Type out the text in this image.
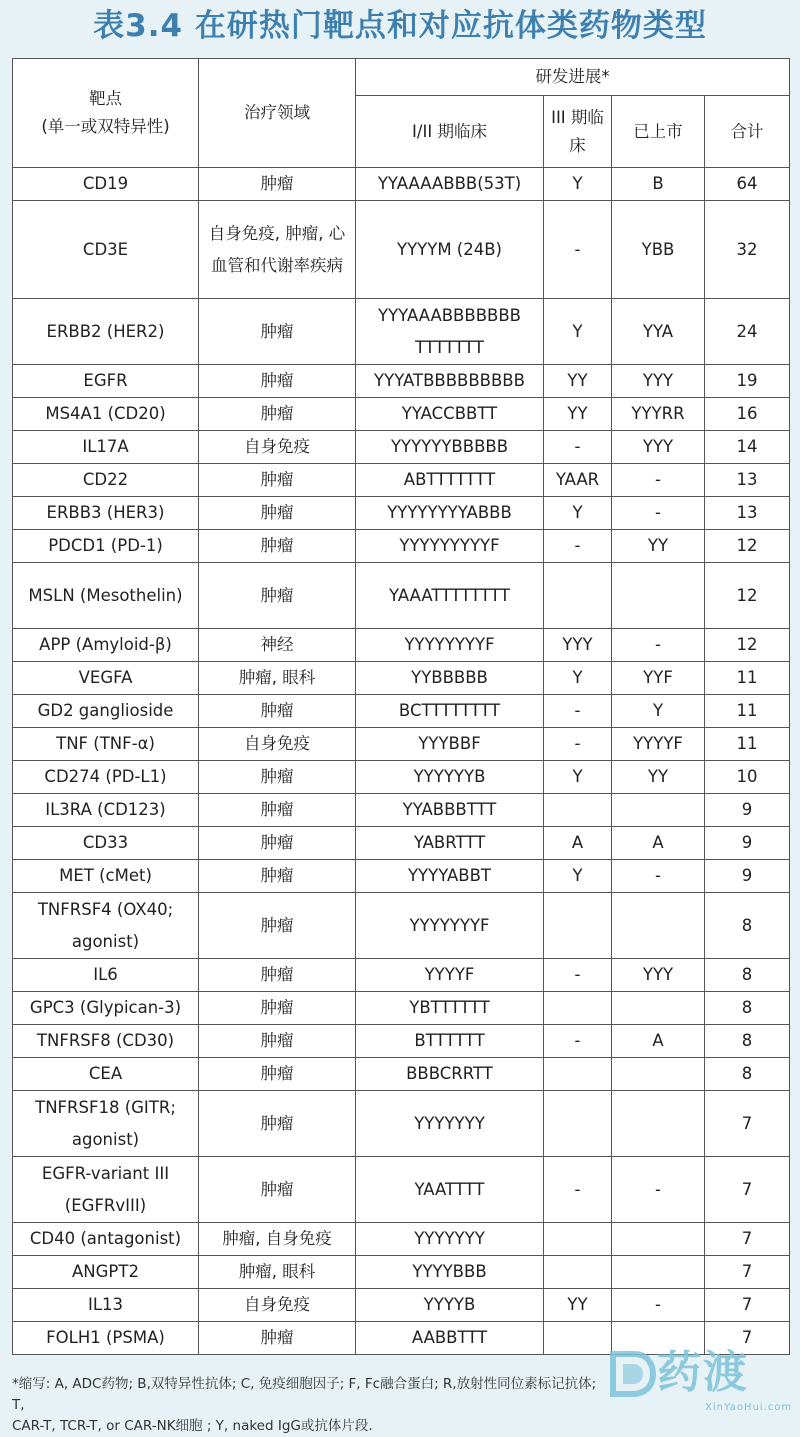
表3.4 在研热门靶点和对应抗体类药物类型
靶点
(单一或双特异性)	治疗领域	研发进展*			
		I/II 期临床	III 期临床	已上市	合计
CD19	肿瘤	YYAAAABBB(53T)	Y	B	64
CD3E	自身免疫, 肿瘤, 心血管和代谢率疾病	YYYYM (24B)	-	YBB	32
ERBB2 (HER2)	肿瘤	YYYAAABBBBBBB TTTTTTT	Y	YYA	24
EGFR	肿瘤	YYYATBBBBBBBBB	YY	YYY	19
MS4A1 (CD20)	肿瘤	YYACCBBTT	YY	YYYRR	16
IL17A	自身免疫	YYYYYYBBBBB	-	YYY	14
CD22	肿瘤	ABTTTTTTT	YAAR	-	13
ERBB3 (HER3)	肿瘤	YYYYYYYYABBB	Y	-	13
PDCD1 (PD-1)	肿瘤	YYYYYYYYYF	-	YY	12
MSLN (Mesothelin)	肿瘤	YAAATTTTTTTT			12
APP (Amyloid-β)	神经	YYYYYYYYF	YYY	-	12
VEGFA	肿瘤, 眼科	YYBBBBB	Y	YYF	11
GD2 ganglioside	肿瘤	BCTTTTTTTT	-	Y	11
TNF (TNF-α)	自身免疫	YYYBBF	-	YYYYF	11
CD274 (PD-L1)	肿瘤	YYYYYYB	Y	YY	10
IL3RA (CD123)	肿瘤	YYABBBTTT			9
CD33	肿瘤	YABRTTT	A	A	9
MET (cMet)	肿瘤	YYYYABBT	Y	-	9
TNFRSF4 (OX40; agonist)	肿瘤	YYYYYYYF			8
IL6	肿瘤	YYYYF	-	YYY	8
GPC3 (Glypican-3)	肿瘤	YBTTTTTT			8
TNFRSF8 (CD30)	肿瘤	BTTTTTT	-	A	8
CEA	肿瘤	BBBCRRTT			8
TNFRSF18 (GITR; agonist)	肿瘤	YYYYYYY			7
EGFR-variant III (EGFRvIII)	肿瘤	YAATTTT	-	-	7
CD40 (antagonist)	肿瘤, 自身免疫	YYYYYYY			7
ANGPT2	肿瘤, 眼科	YYYYBBB			7
IL13	自身免疫	YYYYB	YY	-	7
FOLH1 (PSMA)	肿瘤	AABBTTT			7
*缩写: A, ADC药物; B,双特异性抗体; C, 免疫细胞因子; F, Fc融合蛋白; R,放射性同位素标记抗体; T,
CAR-T, TCR-T, or CAR-NK细胞 ; Y, naked IgG或抗体片段.
药渡
XinYaoHui.com
